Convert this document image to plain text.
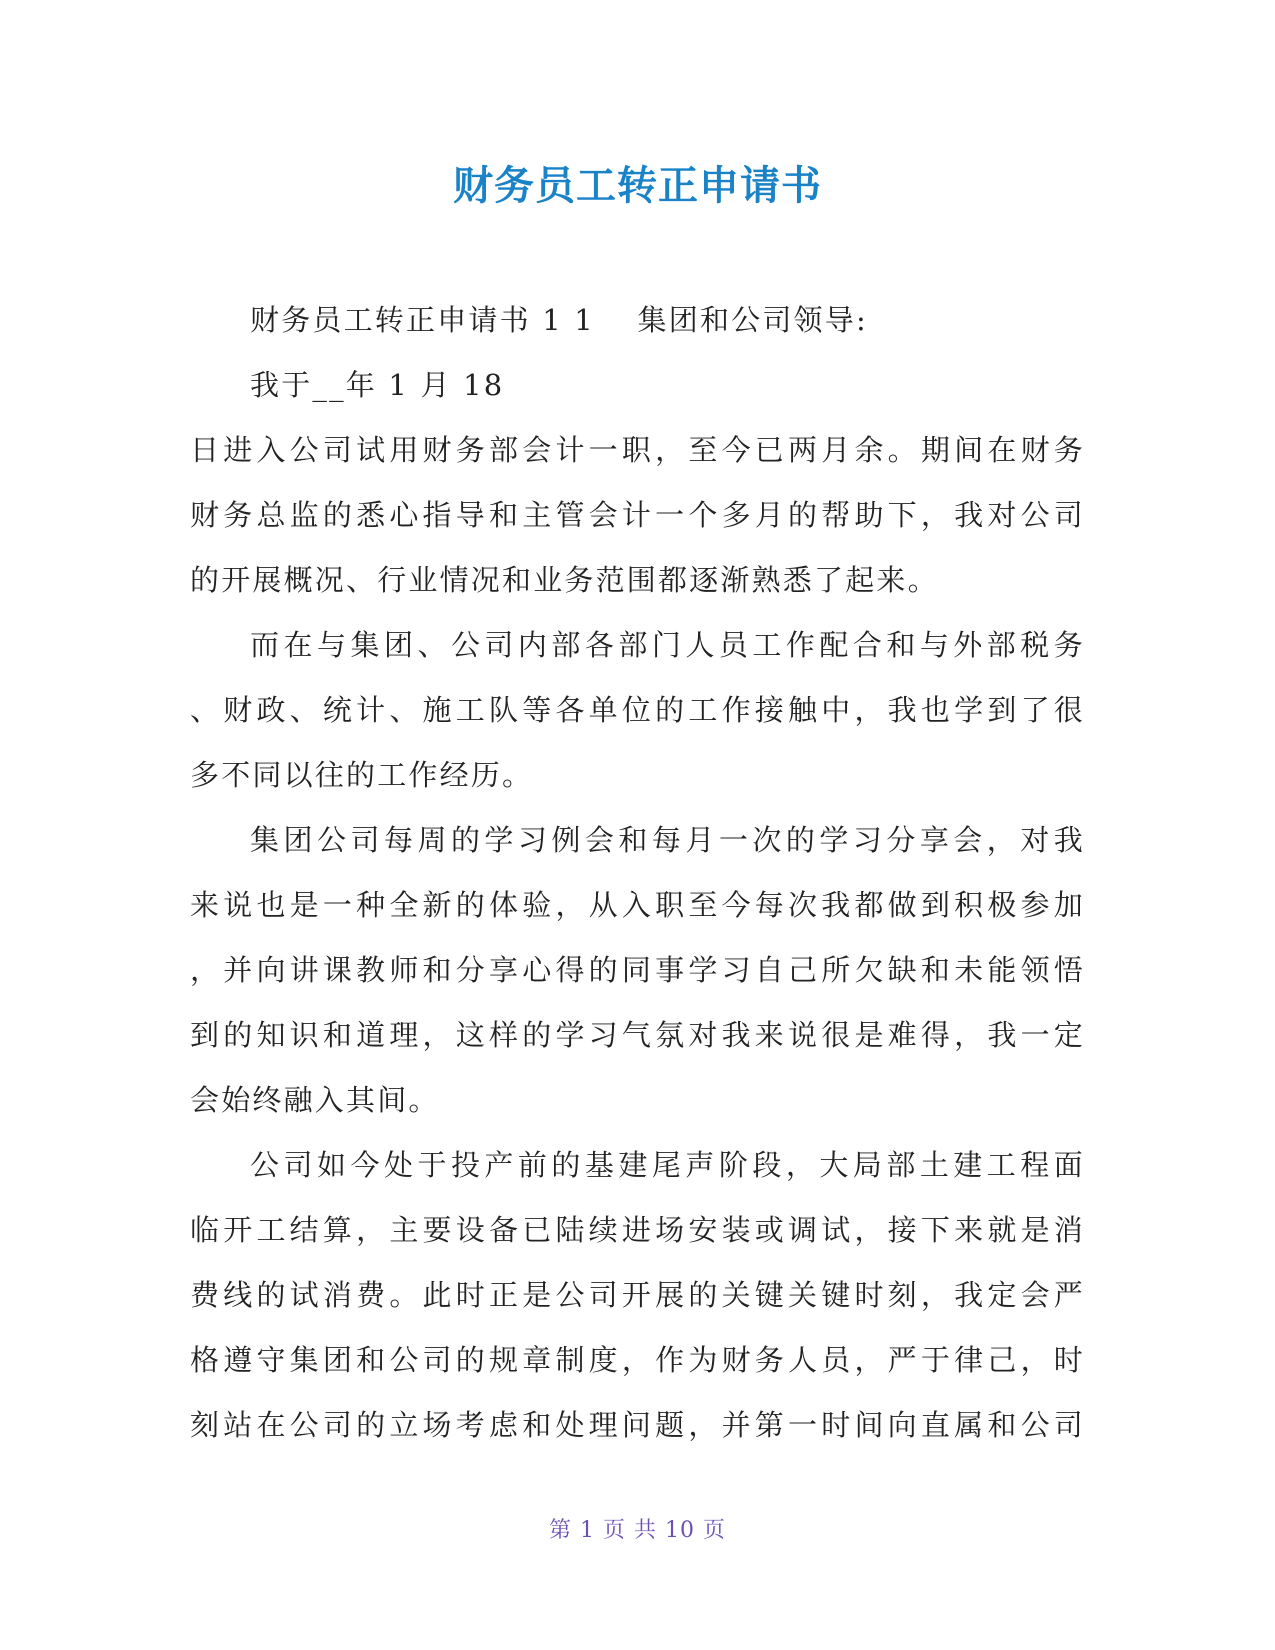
财务员工转正申请书
财务员工转正申请书 1 1　 集团和公司领导:
我于__年 1 月 18
日进入公司试用财务部会计一职，至今已两月余。期间在财务
财务总监的悉心指导和主管会计一个多月的帮助下，我对公司
的开展概况、行业情况和业务范围都逐渐熟悉了起来。
而在与集团、公司内部各部门人员工作配合和与外部税务
、财政、统计、施工队等各单位的工作接触中，我也学到了很
多不同以往的工作经历。
集团公司每周的学习例会和每月一次的学习分享会，对我
来说也是一种全新的体验，从入职至今每次我都做到积极参加
，并向讲课教师和分享心得的同事学习自己所欠缺和未能领悟
到的知识和道理，这样的学习气氛对我来说很是难得，我一定
会始终融入其间。
公司如今处于投产前的基建尾声阶段，大局部土建工程面
临开工结算，主要设备已陆续进场安装或调试，接下来就是消
费线的试消费。此时正是公司开展的关键关键时刻，我定会严
格遵守集团和公司的规章制度，作为财务人员，严于律己，时
刻站在公司的立场考虑和处理问题，并第一时间向直属和公司
第 1 页 共 10 页
